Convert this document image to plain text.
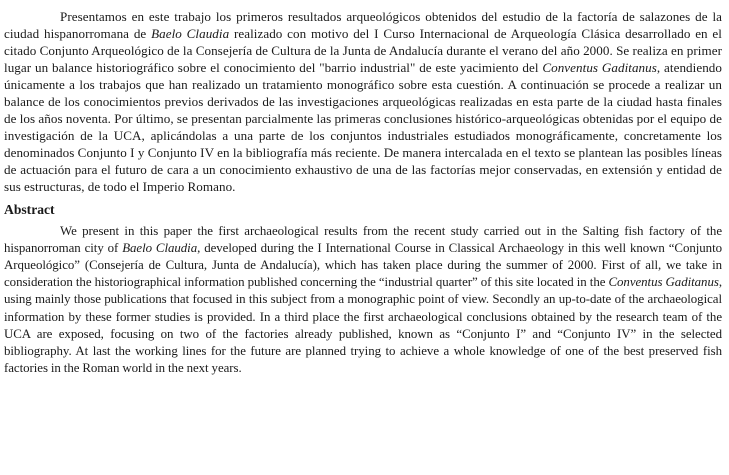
Presentamos en este trabajo los primeros resultados arqueológicos obtenidos del estudio de la factoría de salazones de la ciudad hispanorromana de Baelo Claudia realizado con motivo del I Curso Internacional de Arqueología Clásica desarrollado en el citado Conjunto Arqueológico de la Consejería de Cultura de la Junta de Andalucía durante el verano del año 2000. Se realiza en primer lugar un balance historiográfico sobre el conocimiento del "barrio industrial" de este yacimiento del Conventus Gaditanus, atendiendo únicamente a los trabajos que han realizado un tratamiento monográfico sobre esta cuestión. A continuación se procede a realizar un balance de los conocimientos previos derivados de las investigaciones arqueológicas realizadas en esta parte de la ciudad hasta finales de los años noventa. Por último, se presentan parcialmente las primeras conclusiones histórico-arqueológicas obtenidas por el equipo de investigación de la UCA, aplicándolas a una parte de los conjuntos industriales estudiados monográficamente, concretamente los denominados Conjunto I y Conjunto IV en la bibliografía más reciente. De manera intercalada en el texto se plantean las posibles líneas de actuación para el futuro de cara a un conocimiento exhaustivo de una de las factorías mejor conservadas, en extensión y entidad de sus estructuras, de todo el Imperio Romano.

Abstract

We present in this paper the first archaeological results from the recent study carried out in the Salting fish factory of the hispanorroman city of Baelo Claudia, developed during the I International Course in Classical Archaeology in this well known “Conjunto Arqueológico” (Consejería de Cultura, Junta de Andalucía), which has taken place during the summer of 2000. First of all, we take in consideration the historiographical information published concerning the “industrial quarter” of this site located in the Conventus Gaditanus, using mainly those publications that focused in this subject from a monographic point of view. Secondly an up-to-date of the archaeological information by these former studies is provided. In a third place the first archaeological conclusions obtained by the research team of the UCA are exposed, focusing on two of the factories already published, known as “Conjunto I” and “Conjunto IV” in the selected bibliography. At last the working lines for the future are planned trying to achieve a whole knowledge of one of the best preserved fish factories in the Roman world in the next years.
